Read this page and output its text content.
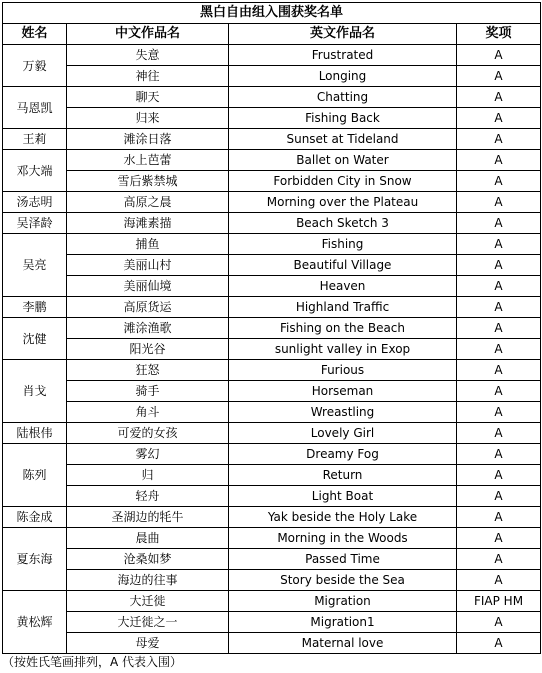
黑白自由组入围获奖名单			
姓名	中文作品名	英文作品名	奖项
万毅	失意	Frustrated	A
	神往	Longing	A
马恩凯	聊天	Chatting	A
	归来	Fishing Back	A
王莉	滩涂日落	Sunset at Tideland	A
邓大端	水上芭蕾	Ballet on Water	A
	雪后紫禁城	Forbidden City in Snow	A
汤志明	高原之晨	Morning over the Plateau	A
吴泽龄	海滩素描	Beach Sketch 3	A
吴亮	捕鱼	Fishing	A
	美丽山村	Beautiful Village	A
	美丽仙境	Heaven	A
李鹏	高原货运	Highland Traffic	A
沈健	滩涂渔歌	Fishing on the Beach	A
	阳光谷	sunlight valley in Exop	A
肖戈	狂怒	Furious	A
	骑手	Horseman	A
	角斗	Wreastling	A
陆根伟	可爱的女孩	Lovely Girl	A
陈列	雾幻	Dreamy Fog	A
	归	Return	A
	轻舟	Light Boat	A
陈金成	圣湖边的牦牛	Yak beside the Holy Lake	A
夏东海	晨曲	Morning in the Woods	A
	沧桑如梦	Passed Time	A
	海边的往事	Story beside the Sea	A
黄松辉	大迁徙	Migration	FIAP HM
	大迁徙之一	Migration1	A
	母爱	Maternal love	A
（按姓氏笔画排列，A 代表入围）
